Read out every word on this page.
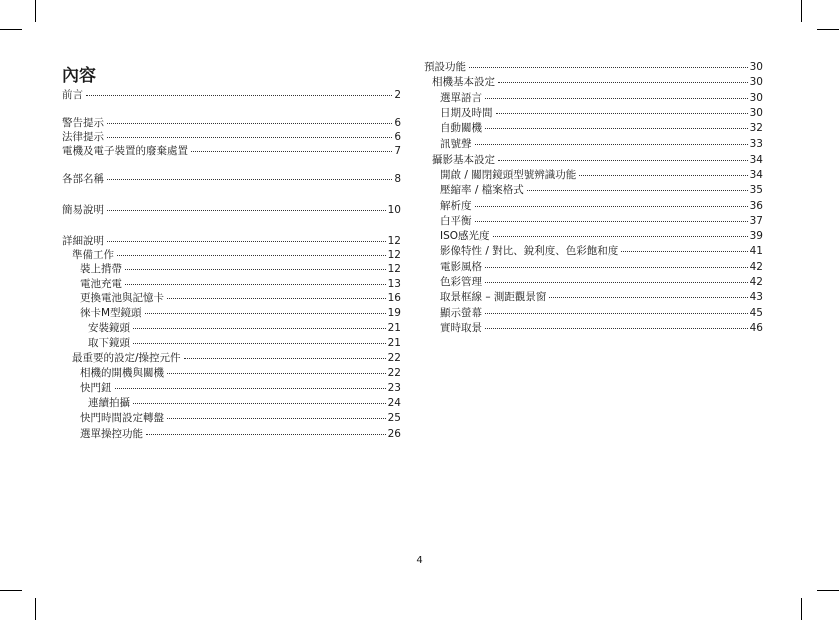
內容
前言	2
警告提示	6
法律提示	6
電機及電子裝置的廢棄處置	7
各部名稱	8
簡易說明	10
詳細說明	12
準備工作	12
裝上揹帶	12
電池充電	13
更換電池與記憶卡	16
徠卡M型鏡頭	19
安裝鏡頭	21
取下鏡頭	21
最重要的設定/操控元件	22
相機的開機與關機	22
快門鈕	23
連續拍攝	24
快門時間設定轉盤	25
選單操控功能	26
預設功能	30
相機基本設定	30
選單語言	30
日期及時間	30
自動關機	32
訊號聲	33
攝影基本設定	34
開啟 / 關閉鏡頭型號辨識功能	34
壓縮率 / 檔案格式	35
解析度	36
白平衡	37
ISO感光度	39
影像特性 / 對比、銳利度、色彩飽和度	41
電影風格	42
色彩管理	42
取景框線 – 測距觀景窗	43
顯示螢幕	45
實時取景	46
4
